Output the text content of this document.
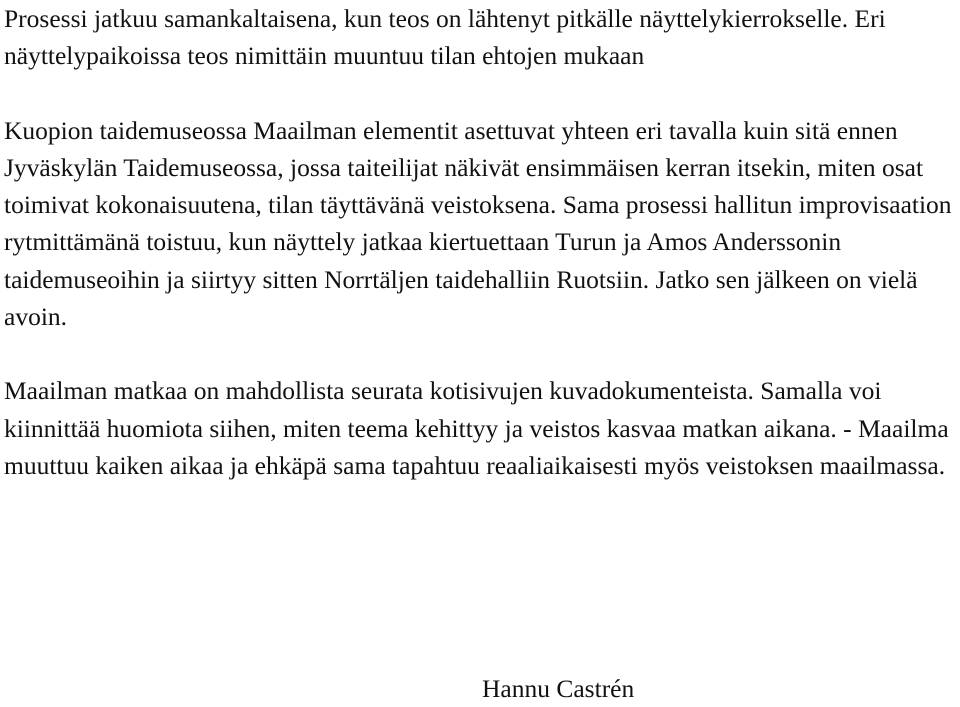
Prosessi jatkuu samankaltaisena, kun teos on lähtenyt pitkälle näyttelykierrokselle. Eri näyttelypaikoissa teos nimittäin muuntuu tilan ehtojen mukaan

Kuopion taidemuseossa Maailman elementit asettuvat yhteen eri tavalla kuin sitä ennen Jyväskylän Taidemuseossa, jossa taiteilijat näkivät ensimmäisen kerran itsekin, miten osat toimivat kokonaisuutena, tilan täyttävänä veistoksena. Sama prosessi hallitun improvisaation rytmittämänä toistuu, kun näyttely jatkaa kiertuettaan Turun ja Amos Anderssonin taidemuseoihin ja siirtyy sitten Norrtäljen taidehalliin Ruotsiin. Jatko sen jälkeen on vielä avoin.

Maailman matkaa on mahdollista seurata kotisivujen kuvadokumenteista. Samalla voi kiinnittää huomiota siihen, miten teema kehittyy ja veistos kasvaa matkan aikana. - Maailma muuttuu kaiken aikaa ja ehkäpä sama tapahtuu reaaliaikaisesti myös veistoksen maailmassa.

Hannu Castrén
